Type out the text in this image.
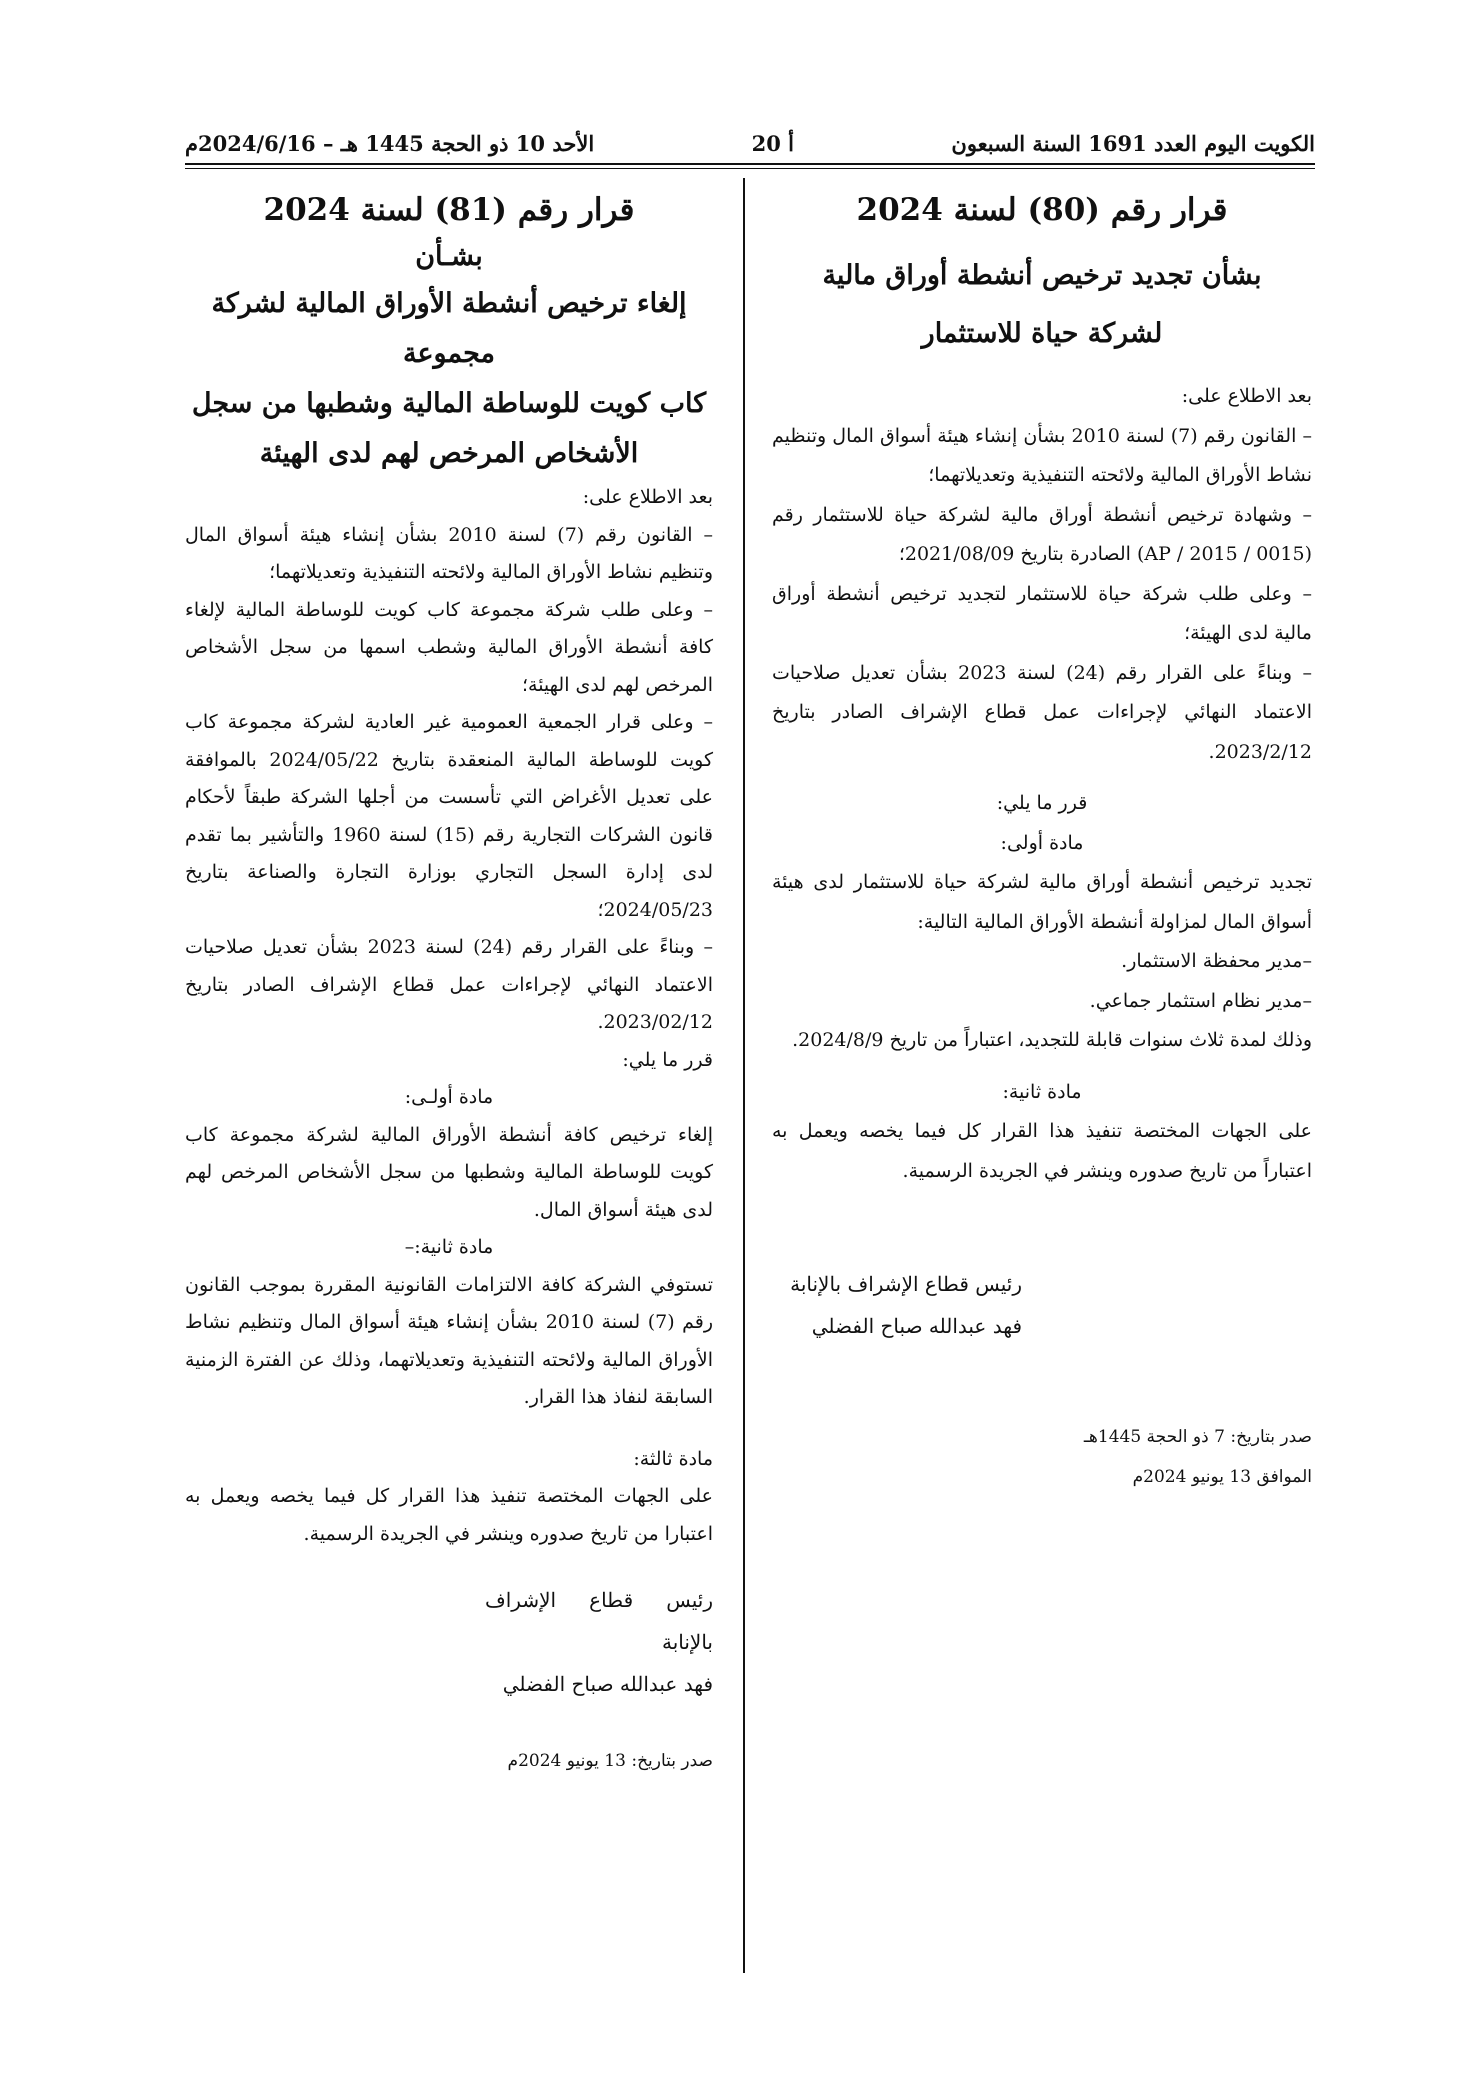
الكويت اليوم العدد 1691 السنة السبعون
أ 20
الأحد 10 ذو الحجة 1445 هـ – 2024/6/16م
قرار رقم (80) لسنة 2024
بشأن تجديد ترخيص أنشطة أوراق مالية
لشركة حياة للاستثمار

بعد الاطلاع على:

– القانون رقم (7) لسنة 2010 بشأن إنشاء هيئة أسواق المال وتنظيم نشاط الأوراق المالية ولائحته التنفيذية وتعديلاتهما؛

– وشهادة ترخيص أنشطة أوراق مالية لشركة حياة للاستثمار رقم (0015 / 2015 / AP) الصادرة بتاريخ 2021/08/09؛

– وعلى طلب شركة حياة للاستثمار لتجديد ترخيص أنشطة أوراق مالية لدى الهيئة؛

– وبناءً على القرار رقم (24) لسنة 2023 بشأن تعديل صلاحيات الاعتماد النهائي لإجراءات عمل قطاع الإشراف الصادر بتاريخ 2023/2/12.

قرر ما يلي:

مادة أولى:

تجديد ترخيص أنشطة أوراق مالية لشركة حياة للاستثمار لدى هيئة أسواق المال لمزاولة أنشطة الأوراق المالية التالية:

–مدير محفظة الاستثمار.

–مدير نظام استثمار جماعي.

وذلك لمدة ثلاث سنوات قابلة للتجديد، اعتباراً من تاريخ 2024/8/9.

مادة ثانية:

على الجهات المختصة تنفيذ هذا القرار كل فيما يخصه ويعمل به اعتباراً من تاريخ صدوره وينشر في الجريدة الرسمية.

رئيس قطاع الإشراف بالإنابة

فهد عبدالله صباح الفضلي

صدر بتاريخ: 7 ذو الحجة 1445هـ

الموافق 13 يونيو 2024م

قرار رقم (81) لسنة 2024
بشـأن
إلغاء ترخيص أنشطة الأوراق المالية لشركة مجموعة
كاب كويت للوساطة المالية وشطبها من سجل
الأشخاص المرخص لهم لدى الهيئة

بعد الاطلاع على:

– القانون رقم (7) لسنة 2010 بشأن إنشاء هيئة أسواق المال وتنظيم نشاط الأوراق المالية ولائحته التنفيذية وتعديلاتهما؛

– وعلى طلب شركة مجموعة كاب كويت للوساطة المالية لإلغاء كافة أنشطة الأوراق المالية وشطب اسمها من سجل الأشخاص المرخص لهم لدى الهيئة؛

– وعلى قرار الجمعية العمومية غير العادية لشركة مجموعة كاب كويت للوساطة المالية المنعقدة بتاريخ 2024/05/22 بالموافقة على تعديل الأغراض التي تأسست من أجلها الشركة طبقاً لأحكام قانون الشركات التجارية رقم (15) لسنة 1960 والتأشير بما تقدم لدى إدارة السجل التجاري بوزارة التجارة والصناعة بتاريخ 2024/05/23؛

– وبناءً على القرار رقم (24) لسنة 2023 بشأن تعديل صلاحيات الاعتماد النهائي لإجراءات عمل قطاع الإشراف الصادر بتاريخ 2023/02/12.

قرر ما يلي:

مادة أولـى:

إلغاء ترخيص كافة أنشطة الأوراق المالية لشركة مجموعة كاب كويت للوساطة المالية وشطبها من سجل الأشخاص المرخص لهم لدى هيئة أسواق المال.

مادة ثانية:–

تستوفي الشركة كافة الالتزامات القانونية المقررة بموجب القانون رقم (7) لسنة 2010 بشأن إنشاء هيئة أسواق المال وتنظيم نشاط الأوراق المالية ولائحته التنفيذية وتعديلاتهما، وذلك عن الفترة الزمنية السابقة لنفاذ هذا القرار.

مادة ثالثة:

على الجهات المختصة تنفيذ هذا القرار كل فيما يخصه ويعمل به اعتبارا من تاريخ صدوره وينشر في الجريدة الرسمية.

رئيس قطاع الإشراف بالإنابة

فهد عبدالله صباح الفضلي

صدر بتاريخ: 13 يونيو 2024م
